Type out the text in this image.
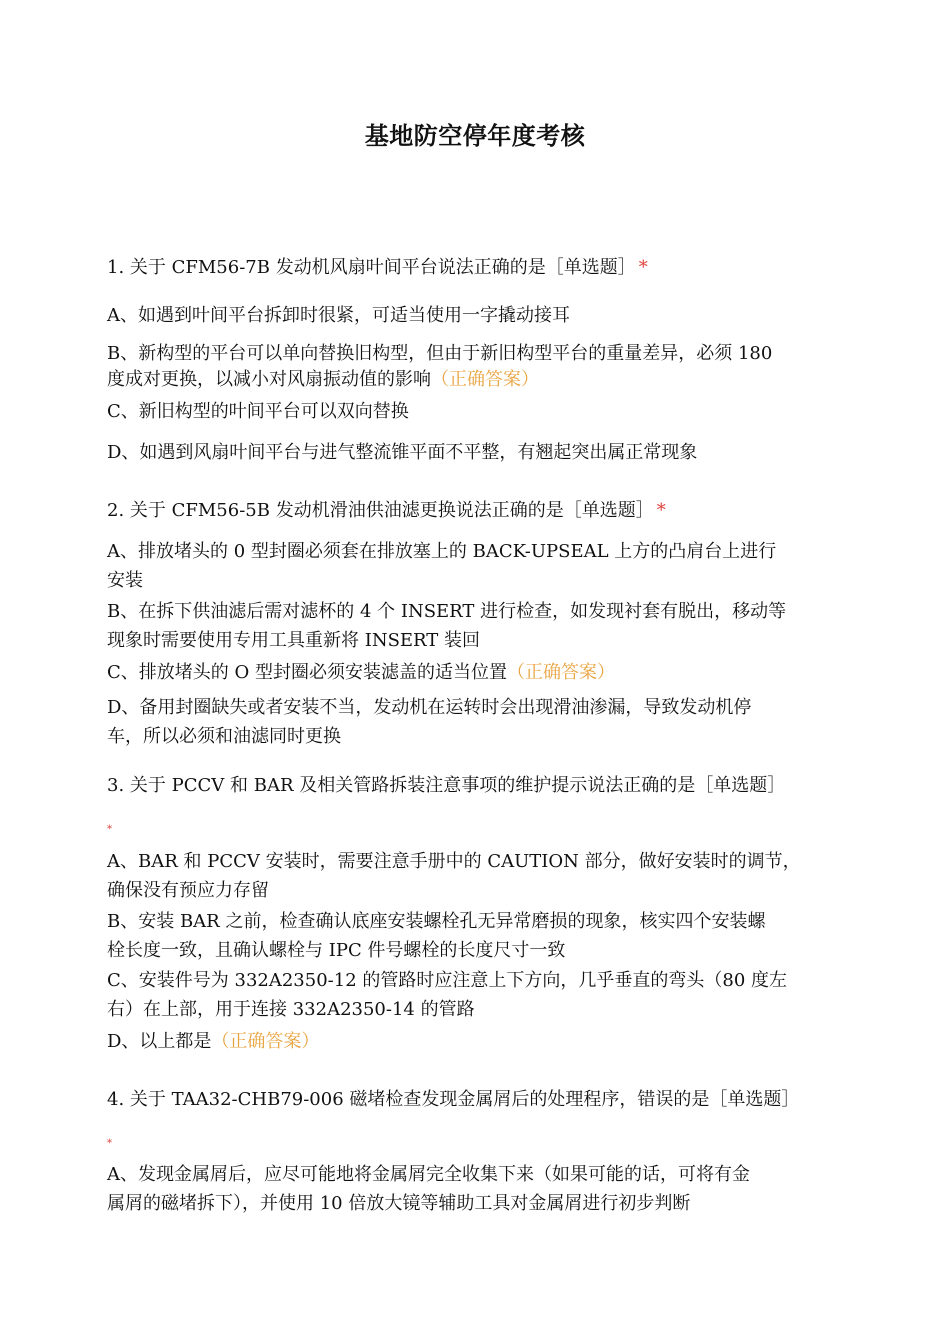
基地防空停年度考核
1. 关于 CFM56-7B 发动机风扇叶间平台说法正确的是［单选题］ *
A、如遇到叶间平台拆卸时很紧，可适当使用一字撬动接耳
B、新构型的平台可以单向替换旧构型，但由于新旧构型平台的重量差异，必须 180
度成对更换，以减小对风扇振动值的影响（正确答案）
C、新旧构型的叶间平台可以双向替换
D、如遇到风扇叶间平台与进气整流锥平面不平整，有翘起突出属正常现象
2. 关于 CFM56-5B 发动机滑油供油滤更换说法正确的是［单选题］ *
A、排放堵头的 0 型封圈必须套在排放塞上的 BACK-UPSEAL 上方的凸肩台上进行
安装
B、在拆下供油滤后需对滤杯的 4 个 INSERT 进行检查，如发现衬套有脱出，移动等
现象时需要使用专用工具重新将 INSERT 装回
C、排放堵头的 O 型封圈必须安装滤盖的适当位置（正确答案）
D、备用封圈缺失或者安装不当，发动机在运转时会出现滑油渗漏，导致发动机停
车，所以必须和油滤同时更换
3. 关于 PCCV 和 BAR 及相关管路拆装注意事项的维护提示说法正确的是［单选题］
*
A、BAR 和 PCCV 安装时，需要注意手册中的 CAUTION 部分，做好安装时的调节，
确保没有预应力存留
B、安装 BAR 之前，检查确认底座安装螺栓孔无异常磨损的现象，核实四个安装螺
栓长度一致，且确认螺栓与 IPC 件号螺栓的长度尺寸一致
C、安装件号为 332A2350-12 的管路时应注意上下方向，几乎垂直的弯头（80 度左
右）在上部，用于连接 332A2350-14 的管路
D、以上都是（正确答案）
4. 关于 TAA32-CHB79-006 磁堵检查发现金属屑后的处理程序，错误的是［单选题］
*
A、发现金属屑后，应尽可能地将金属屑完全收集下来（如果可能的话，可将有金
属屑的磁堵拆下），并使用 10 倍放大镜等辅助工具对金属屑进行初步判断
